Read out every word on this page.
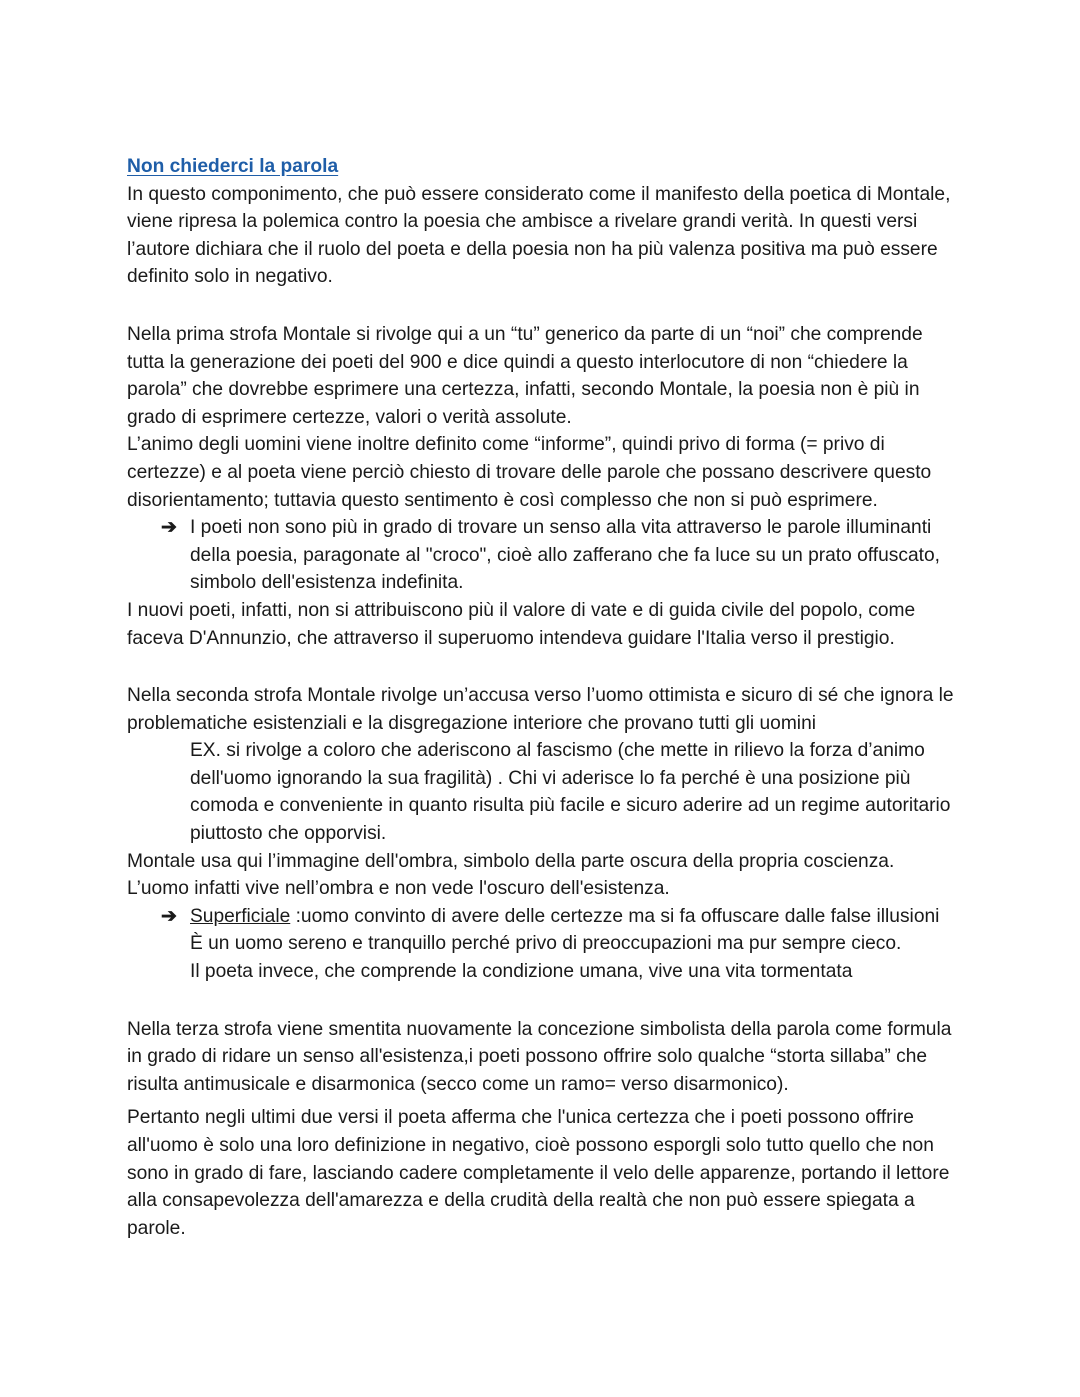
Non chiederci la parola

In questo componimento, che può essere considerato come il manifesto della poetica di Montale, viene ripresa la polemica contro la poesia che ambisce a rivelare grandi verità. In questi versi l’autore dichiara che il ruolo del poeta e della poesia non ha più valenza positiva ma può essere definito solo in negativo.

Nella prima strofa Montale si rivolge qui a un “tu” generico da parte di un “noi” che comprende tutta la generazione dei poeti del 900 e dice quindi a questo interlocutore di non “chiedere la parola” che dovrebbe esprimere una certezza, infatti, secondo Montale, la poesia non è più in grado di esprimere certezze, valori o verità assolute.

L’animo degli uomini viene inoltre definito come “informe”, quindi privo di forma (= privo di certezze) e al poeta viene perciò chiesto di trovare delle parole che possano descrivere questo disorientamento; tuttavia questo sentimento è così complesso che non si può esprimere.

➔ I poeti non sono più in grado di trovare un senso alla vita attraverso le parole illuminanti della poesia, paragonate al "croco", cioè allo zafferano che fa luce su un prato offuscato, simbolo dell'esistenza indefinita.

I nuovi poeti, infatti, non si attribuiscono più il valore di vate e di guida civile del popolo, come faceva D'Annunzio, che attraverso il superuomo intendeva guidare l'Italia verso il prestigio.

Nella seconda strofa Montale rivolge un’accusa verso l’uomo ottimista e sicuro di sé che ignora le problematiche esistenziali e la disgregazione interiore che provano tutti gli uomini

EX. si rivolge a coloro che aderiscono al fascismo (che mette in rilievo la forza d’animo dell'uomo ignorando la sua fragilità) . Chi vi aderisce lo fa perché è una posizione più comoda e conveniente in quanto risulta più facile e sicuro aderire ad un regime autoritario piuttosto che opporvisi.

Montale usa qui l’immagine dell'ombra, simbolo della parte oscura della propria coscienza.

L’uomo infatti vive nell’ombra e non vede l'oscuro dell'esistenza.

➔ Superficiale :uomo convinto di avere delle certezze ma si fa offuscare dalle false illusioni
È un uomo sereno e tranquillo perché privo di preoccupazioni ma pur sempre cieco.
Il poeta invece, che comprende la condizione umana, vive una vita tormentata

Nella terza strofa viene smentita nuovamente la concezione simbolista della parola come formula in grado di ridare un senso all'esistenza,i poeti possono offrire solo qualche “storta sillaba” che risulta antimusicale e disarmonica (secco come un ramo= verso disarmonico).

Pertanto negli ultimi due versi il poeta afferma che l'unica certezza che i poeti possono offrire all'uomo è solo una loro definizione in negativo, cioè possono esporgli solo tutto quello che non sono in grado di fare, lasciando cadere completamente il velo delle apparenze, portando il lettore alla consapevolezza dell'amarezza e della crudità della realtà che non può essere spiegata a parole.
